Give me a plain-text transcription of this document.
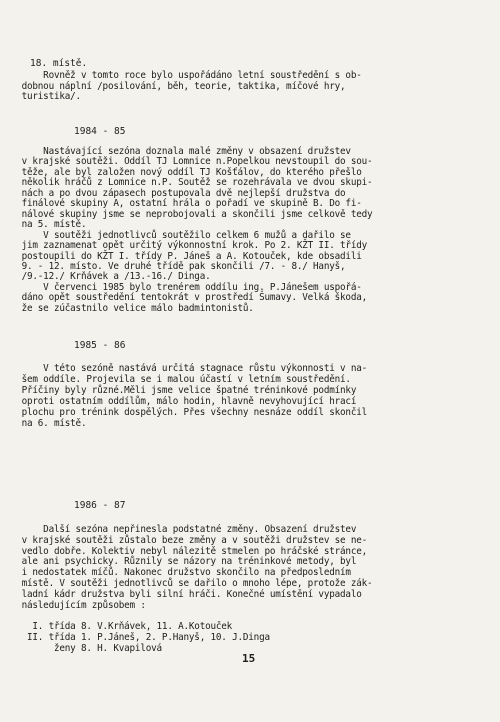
18. místě.
Rovněž v tomto roce bylo uspořádáno letní soustředění s ob-
dobnou náplní /posilování, běh, teorie, taktika, míčové hry,
turistika/.
1984 - 85
Nastávající sezóna doznala malé změny v obsazení družstev
v krajské soutěži. Oddíl TJ Lomnice n.Popelkou nevstoupil do sou-
těže, ale byl založen nový oddíl TJ Košťálov, do kterého přešlo
několik hráčů z Lomnice n.P. Soutěž se rozehrávala ve dvou skupi-
nách a po dvou zápasech postupovala dvě nejlepší družstva do
finálové skupiny A, ostatní hrála o pořadí ve skupině B. Do fi-
nálové skupiny jsme se neprobojovali a skončili jsme celkově tedy
na 5. místě.
V soutěži jednotlivců soutěžilo celkem 6 mužů a dařilo se
jim zaznamenat opět určitý výkonnostní krok. Po 2. KŽT II. třídy
postoupili do KŽT I. třídy P. Jáneš a A. Kotouček, kde obsadili
9. - 12. místo. Ve druhé třídě pak skončili /7. - 8./ Hanyš,
/9.-12./ Krňávek a /13.-16./ Dinga.
V červenci 1985 bylo trenérem oddílu ing. P.Jánešem uspořá-
dáno opět soustředění tentokrát v prostředí Šumavy. Velká škoda,
že se zúčastnilo velice málo badmintonistů.
1985 - 86
V této sezóně nastává určitá stagnace růstu výkonnosti v na-
šem oddíle. Projevila se i malou účastí v letním soustředění.
Příčiny byly různé.Měli jsme velice špatné tréninkové podmínky
oproti ostatním oddílům, málo hodin, hlavně nevyhovující hrací
plochu pro trénink dospělých. Přes všechny nesnáze oddíl skončil
na 6. místě.
1986 - 87
Další sezóna nepřinesla podstatné změny. Obsazení družstev
v krajské soutěži zůstalo beze změny a v soutěži družstev se ne-
vedlo dobře. Kolektiv nebyl nálezitě stmelen po hráčské stránce,
ale ani psychicky. Různily se názory na tréninkové metody, byl
i nedostatek míčů. Nakonec družstvo skončilo na předposledním
místě. V soutěži jednotlivců se dařilo o mnoho lépe, protože zák-
ladní kádr družstva byli silní hráči. Konečné umístění vypadalo
následujícím způsobem :
I. třída 8. V.Krňávek, 11. A.Kotouček
II. třída 1. P.Jáneš, 2. P.Hanyš, 10. J.Dinga
ženy 8. H. Kvapilová
15
